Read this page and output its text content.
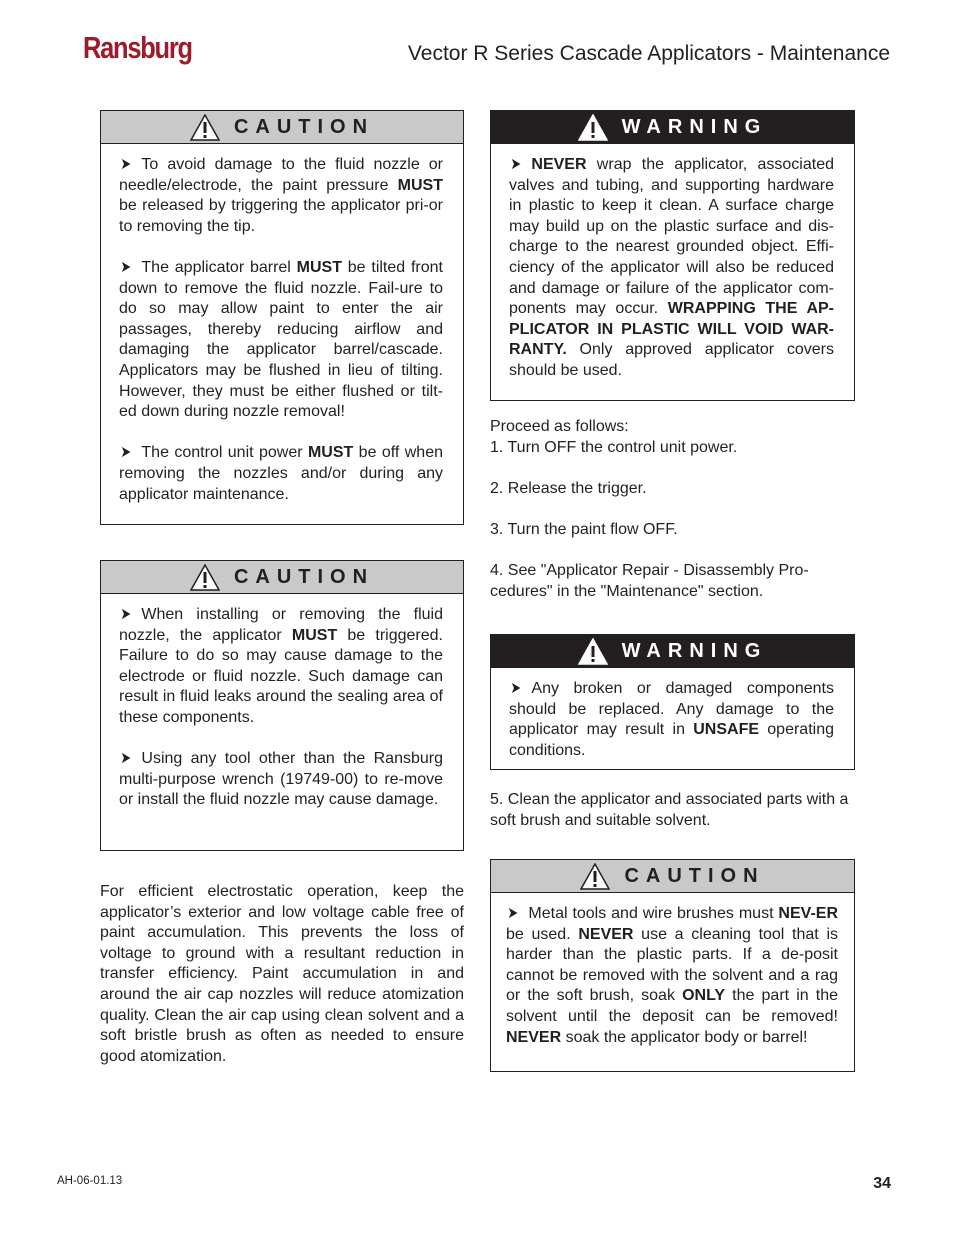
Ransburg	Vector R Series Cascade Applicators - Maintenance
CAUTION

➤ To avoid damage to the fluid nozzle or needle/electrode, the paint pressure MUST be released by triggering the applicator pri-or to removing the tip.

➤ The applicator barrel MUST be tilted front down to remove the fluid nozzle. Fail-ure to do so may allow paint to enter the air passages, thereby reducing airflow and damaging the applicator barrel/cascade. Applicators may be flushed in lieu of tilting. However, they must be either flushed or tilt-ed down during nozzle removal!

➤ The control unit power MUST be off when removing the nozzles and/or during any applicator maintenance.

CAUTION

➤ When installing or removing the fluid nozzle, the applicator MUST be triggered. Failure to do so may cause damage to the electrode or fluid nozzle. Such damage can result in fluid leaks around the sealing area of these components.

➤ Using any tool other than the Ransburg multi-purpose wrench (19749-00) to re-move or install the fluid nozzle may cause damage.

For efficient electrostatic operation, keep the applicator’s exterior and low voltage cable free of paint accumulation. This prevents the loss of voltage to ground with a resultant reduction in transfer efficiency. Paint accumulation in and around the air cap nozzles will reduce atomization quality. Clean the air cap using clean solvent and a soft bristle brush as often as needed to ensure good atomization.

WARNING

➤ NEVER wrap the applicator, associated valves and tubing, and supporting hardware in plastic to keep it clean. A surface charge may build up on the plastic surface and dis-charge to the nearest grounded object. Effi-ciency of the applicator will also be reduced and damage or failure of the applicator com-ponents may occur. WRAPPING THE AP-PLICATOR IN PLASTIC WILL VOID WAR-RANTY. Only approved applicator covers should be used.

Proceed as follows:

1. Turn OFF the control unit power.

2. Release the trigger.

3. Turn the paint flow OFF.

4. See "Applicator Repair - Disassembly Pro-cedures" in the "Maintenance" section.

WARNING

➤ Any broken or damaged components should be replaced. Any damage to the applicator may result in UNSAFE operating conditions.

5. Clean the applicator and associated parts with a soft brush and suitable solvent.

CAUTION

➤ Metal tools and wire brushes must NEV-ER be used. NEVER use a cleaning tool that is harder than the plastic parts. If a de-posit cannot be removed with the solvent and a rag or the soft brush, soak ONLY the part in the solvent until the deposit can be removed! NEVER soak the applicator body or barrel!

AH-06-01.13	34
